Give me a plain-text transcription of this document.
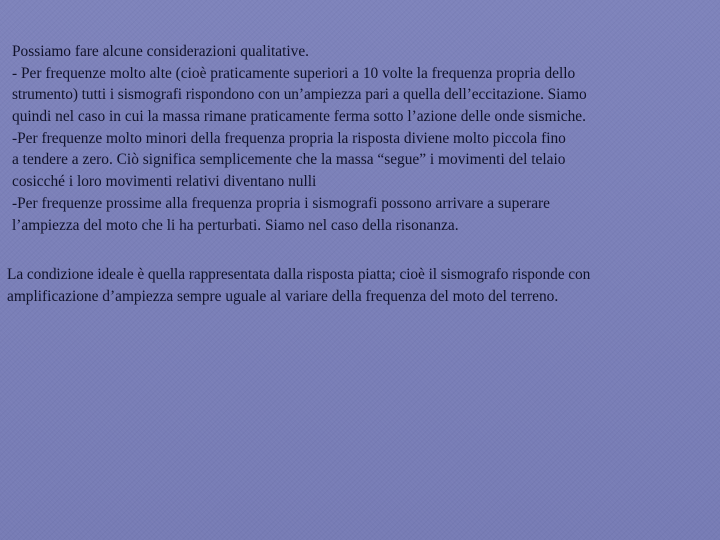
Possiamo fare alcune considerazioni qualitative.
- Per frequenze molto alte (cioè praticamente superiori a 10 volte la frequenza propria dello
strumento) tutti i sismografi rispondono con un’ampiezza pari a quella dell’eccitazione. Siamo
quindi nel caso in cui la massa rimane praticamente ferma sotto l’azione delle onde sismiche.
-Per frequenze molto minori della frequenza propria la risposta diviene molto piccola fino
a tendere a zero. Ciò significa semplicemente che la massa “segue” i movimenti del telaio
cosicché i loro movimenti relativi diventano nulli
-Per frequenze prossime alla frequenza propria i sismografi possono arrivare a superare
l’ampiezza del moto che li ha perturbati. Siamo nel caso della risonanza.
La condizione ideale è quella rappresentata dalla risposta piatta; cioè il sismografo risponde con
amplificazione d’ampiezza sempre uguale al variare della frequenza del moto del terreno.
